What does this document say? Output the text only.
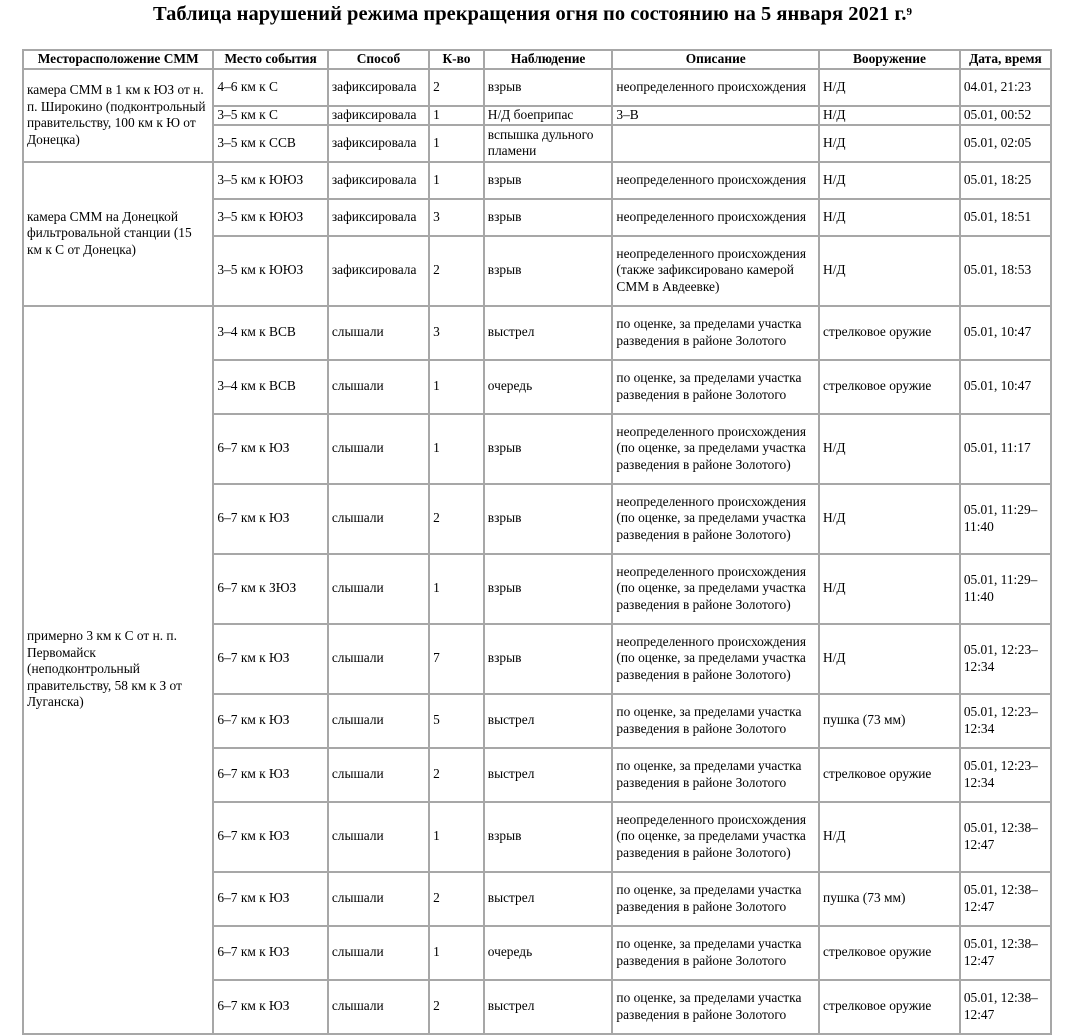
Таблица нарушений режима прекращения огня по состоянию на 5 января 2021 г.$^9$
Месторасположение СММ	Место события	Способ	К-во	Наблюдение	Описание	Вооружение	Дата, время
камера СММ в 1 км к ЮЗ от н. п. Широкино (подконтрольный правительству, 100 км к Ю от Донецка)	4–6 км к С	зафиксировала	2	взрыв	неопределенного происхождения	Н/Д	04.01, 21:23
	3–5 км к С	зафиксировала	1	Н/Д боеприпас	3–В	Н/Д	05.01, 00:52
	3–5 км к ССВ	зафиксировала	1	вспышка дульного пламени		Н/Д	05.01, 02:05
камера СММ на Донецкой фильтровальной станции (15 км к С от Донецка)	3–5 км к ЮЮЗ	зафиксировала	1	взрыв	неопределенного происхождения	Н/Д	05.01, 18:25
	3–5 км к ЮЮЗ	зафиксировала	3	взрыв	неопределенного происхождения	Н/Д	05.01, 18:51
	3–5 км к ЮЮЗ	зафиксировала	2	взрыв	неопределенного происхождения (также зафиксировано камерой СММ в Авдеевке)	Н/Д	05.01, 18:53
примерно 3 км к С от н. п. Первомайск (неподконтрольный правительству, 58 км к З от Луганска)	3–4 км к ВСВ	слышали	3	выстрел	по оценке, за пределами участка разведения в районе Золотого	стрелковое оружие	05.01, 10:47
	3–4 км к ВСВ	слышали	1	очередь	по оценке, за пределами участка разведения в районе Золотого	стрелковое оружие	05.01, 10:47
	6–7 км к ЮЗ	слышали	1	взрыв	неопределенного происхождения (по оценке, за пределами участка разведения в районе Золотого)	Н/Д	05.01, 11:17
	6–7 км к ЮЗ	слышали	2	взрыв	неопределенного происхождения (по оценке, за пределами участка разведения в районе Золотого)	Н/Д	05.01, 11:29–11:40
	6–7 км к ЗЮЗ	слышали	1	взрыв	неопределенного происхождения (по оценке, за пределами участка разведения в районе Золотого)	Н/Д	05.01, 11:29–11:40
	6–7 км к ЮЗ	слышали	7	взрыв	неопределенного происхождения (по оценке, за пределами участка разведения в районе Золотого)	Н/Д	05.01, 12:23–12:34
	6–7 км к ЮЗ	слышали	5	выстрел	по оценке, за пределами участка разведения в районе Золотого	пушка (73 мм)	05.01, 12:23–12:34
	6–7 км к ЮЗ	слышали	2	выстрел	по оценке, за пределами участка разведения в районе Золотого	стрелковое оружие	05.01, 12:23–12:34
	6–7 км к ЮЗ	слышали	1	взрыв	неопределенного происхождения (по оценке, за пределами участка разведения в районе Золотого)	Н/Д	05.01, 12:38–12:47
	6–7 км к ЮЗ	слышали	2	выстрел	по оценке, за пределами участка разведения в районе Золотого	пушка (73 мм)	05.01, 12:38–12:47
	6–7 км к ЮЗ	слышали	1	очередь	по оценке, за пределами участка разведения в районе Золотого	стрелковое оружие	05.01, 12:38–12:47
	6–7 км к ЮЗ	слышали	2	выстрел	по оценке, за пределами участка разведения в районе Золотого	стрелковое оружие	05.01, 12:38–12:47
